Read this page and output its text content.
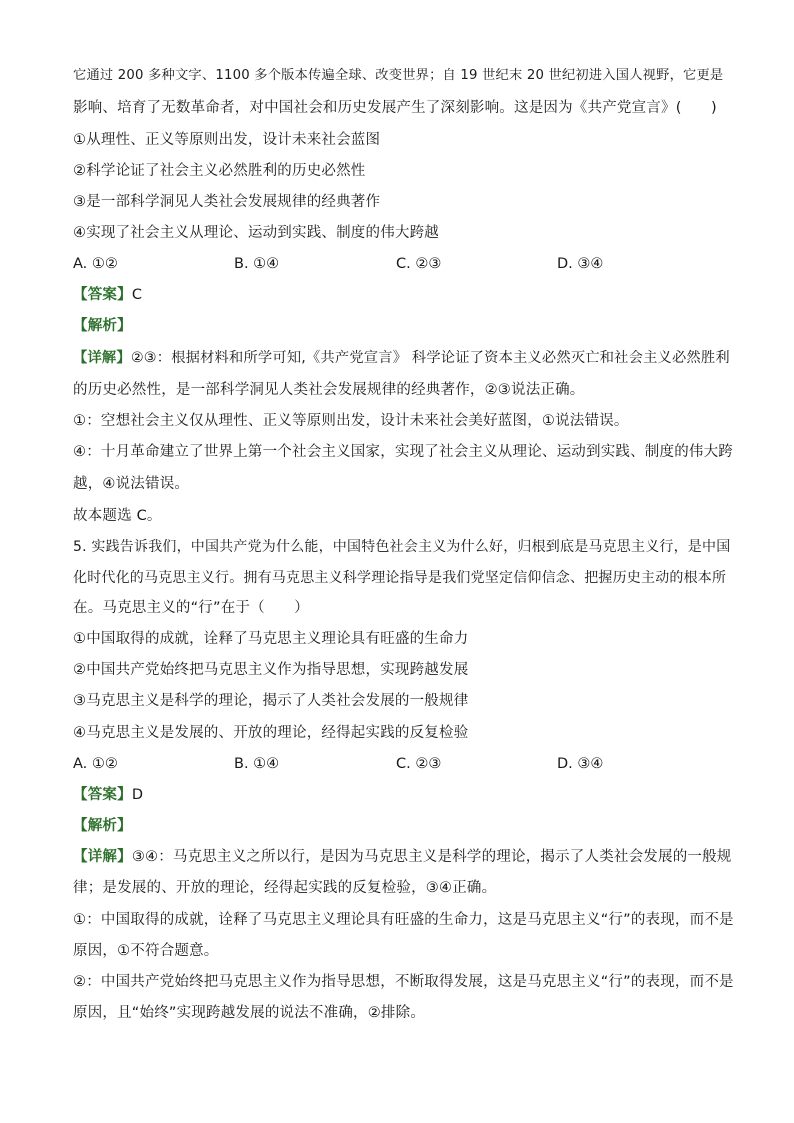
它通过 200 多种文字、1100 多个版本传遍全球、改变世界；自 19 世纪末 20 世纪初进入国人视野，它更是
影响、培育了无数革命者，对中国社会和历史发展产生了深刻影响。这是因为《共产党宣言》(　　)
①从理性、正义等原则出发，设计未来社会蓝图
②科学论证了社会主义必然胜利的历史必然性
③是一部科学洞见人类社会发展规律的经典著作
④实现了社会主义从理论、运动到实践、制度的伟大跨越
A. ①②	B. ①④	C. ②③	D. ③④
【答案】C
【解析】
【详解】②③：根据材料和所学可知,《共产党宣言》 科学论证了资本主义必然灭亡和社会主义必然胜利
的历史必然性，是一部科学洞见人类社会发展规律的经典著作，②③说法正确。
①：空想社会主义仅从理性、正义等原则出发，设计未来社会美好蓝图，①说法错误。
④：十月革命建立了世界上第一个社会主义国家，实现了社会主义从理论、运动到实践、制度的伟大跨
越，④说法错误。
故本题选 C。
5. 实践告诉我们，中国共产党为什么能，中国特色社会主义为什么好，归根到底是马克思主义行，是中国
化时代化的马克思主义行。拥有马克思主义科学理论指导是我们党坚定信仰信念、把握历史主动的根本所
在。马克思主义的“行”在于（　　）
①中国取得的成就，诠释了马克思主义理论具有旺盛的生命力
②中国共产党始终把马克思主义作为指导思想，实现跨越发展
③马克思主义是科学的理论，揭示了人类社会发展的一般规律
④马克思主义是发展的、开放的理论，经得起实践的反复检验
A. ①②	B. ①④	C. ②③	D. ③④
【答案】D
【解析】
【详解】③④：马克思主义之所以行，是因为马克思主义是科学的理论，揭示了人类社会发展的一般规
律；是发展的、开放的理论，经得起实践的反复检验，③④正确。
①：中国取得的成就，诠释了马克思主义理论具有旺盛的生命力，这是马克思主义“行”的表现，而不是
原因，①不符合题意。
②：中国共产党始终把马克思主义作为指导思想，不断取得发展，这是马克思主义“行”的表现，而不是
原因，且“始终”实现跨越发展的说法不准确，②排除。
